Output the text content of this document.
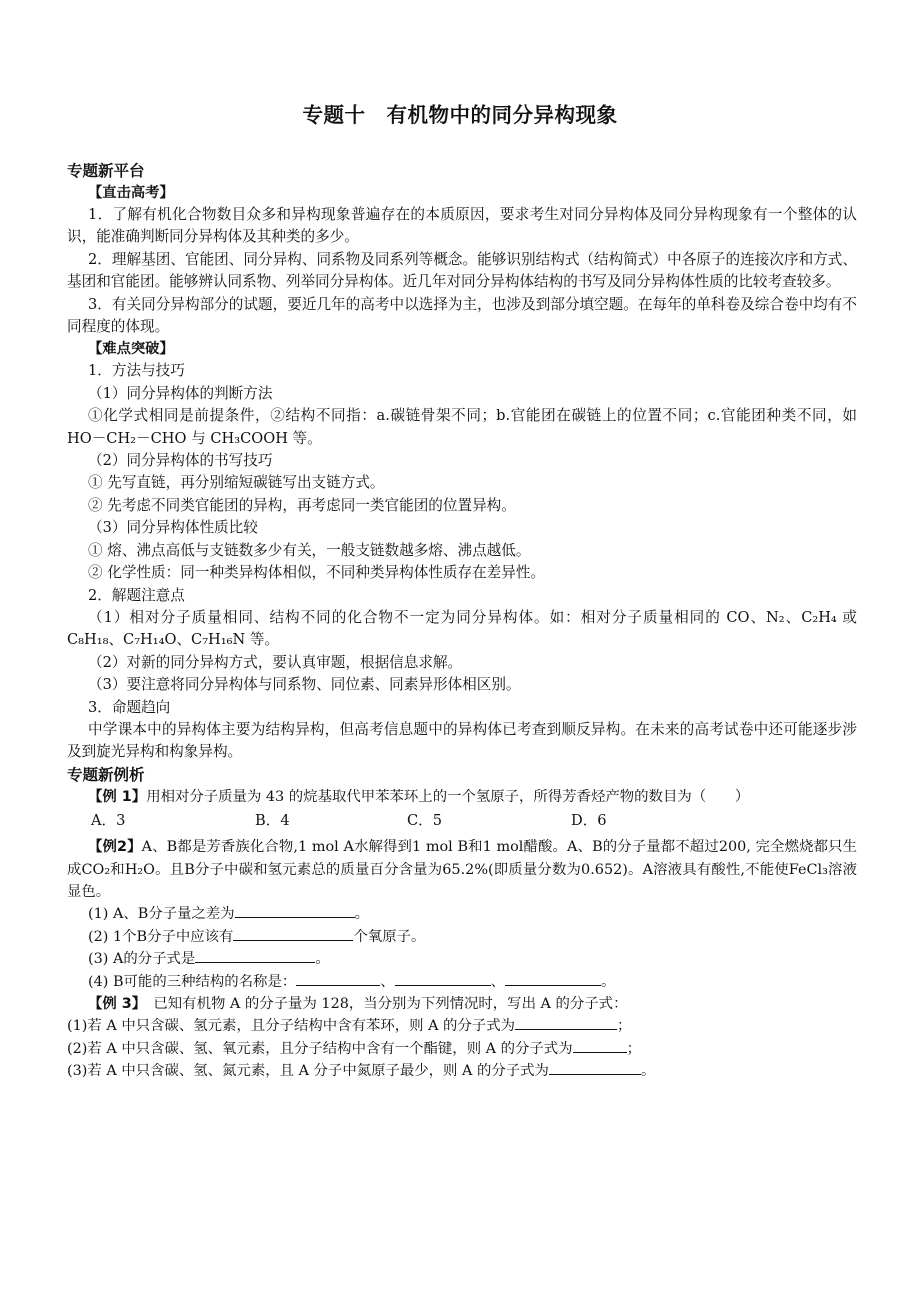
专题十　有机物中的同分异构现象
专题新平台
【直击高考】

1．了解有机化合物数目众多和异构现象普遍存在的本质原因，要求考生对同分异构体及同分异构现象有一个整体的认识，能准确判断同分异构体及其种类的多少。

2．理解基团、官能团、同分异构、同系物及同系列等概念。能够识别结构式（结构简式）中各原子的连接次序和方式、基团和官能团。能够辨认同系物、列举同分异构体。近几年对同分异构体结构的书写及同分异构体性质的比较考查较多。

3．有关同分异构部分的试题，要近几年的高考中以选择为主，也涉及到部分填空题。在每年的单科卷及综合卷中均有不同程度的体现。

【难点突破】

1．方法与技巧

（1）同分异构体的判断方法

①化学式相同是前提条件，②结构不同指：a.碳链骨架不同；b.官能团在碳链上的位置不同；c.官能团种类不同，如 HO－CH₂－CHO 与 CH₃COOH 等。

（2）同分异构体的书写技巧

① 先写直链，再分别缩短碳链写出支链方式。

② 先考虑不同类官能团的异构，再考虑同一类官能团的位置异构。

（3）同分异构体性质比较

① 熔、沸点高低与支链数多少有关，一般支链数越多熔、沸点越低。

② 化学性质：同一种类异构体相似，不同种类异构体性质存在差异性。

2．解题注意点

（1）相对分子质量相同、结构不同的化合物不一定为同分异构体。如：相对分子质量相同的 CO、N₂、C₂H₄ 或 C₈H₁₈、C₇H₁₄O、C₇H₁₆N 等。

（2）对新的同分异构方式，要认真审题，根据信息求解。

（3）要注意将同分异构体与同系物、同位素、同素异形体相区别。

3．命题趋向

中学课本中的异构体主要为结构异构，但高考信息题中的异构体已考查到顺反异构。在未来的高考试卷中还可能逐步涉及到旋光异构和构象异构。

专题新例析

【例 1】用相对分子质量为 43 的烷基取代甲苯苯环上的一个氢原子，所得芳香烃产物的数目为（　　）

A．3	B．4	C．5	D．6

【例2】A、B都是芳香族化合物,1 mol A水解得到1 mol B和1 mol醋酸。A、B的分子量都不超过200, 完全燃烧都只生成CO₂和H₂O。且B分子中碳和氢元素总的质量百分含量为65.2%(即质量分数为0.652)。A溶液具有酸性,不能使FeCl₃溶液显色。

(1) A、B分子量之差为	。

(2) 1个B分子中应该有	个氧原子。

(3) A的分子式是	。

(4) B可能的三种结构的名称是：	、	、	。

【例 3】　已知有机物 A 的分子量为 128，当分别为下列情况时，写出 A 的分子式：

(1)若 A 中只含碳、氢元素，且分子结构中含有苯环，则 A 的分子式为	；

(2)若 A 中只含碳、氢、氧元素，且分子结构中含有一个酯键，则 A 的分子式为	；

(3)若 A 中只含碳、氢、氮元素，且 A 分子中氮原子最少，则 A 的分子式为	。
